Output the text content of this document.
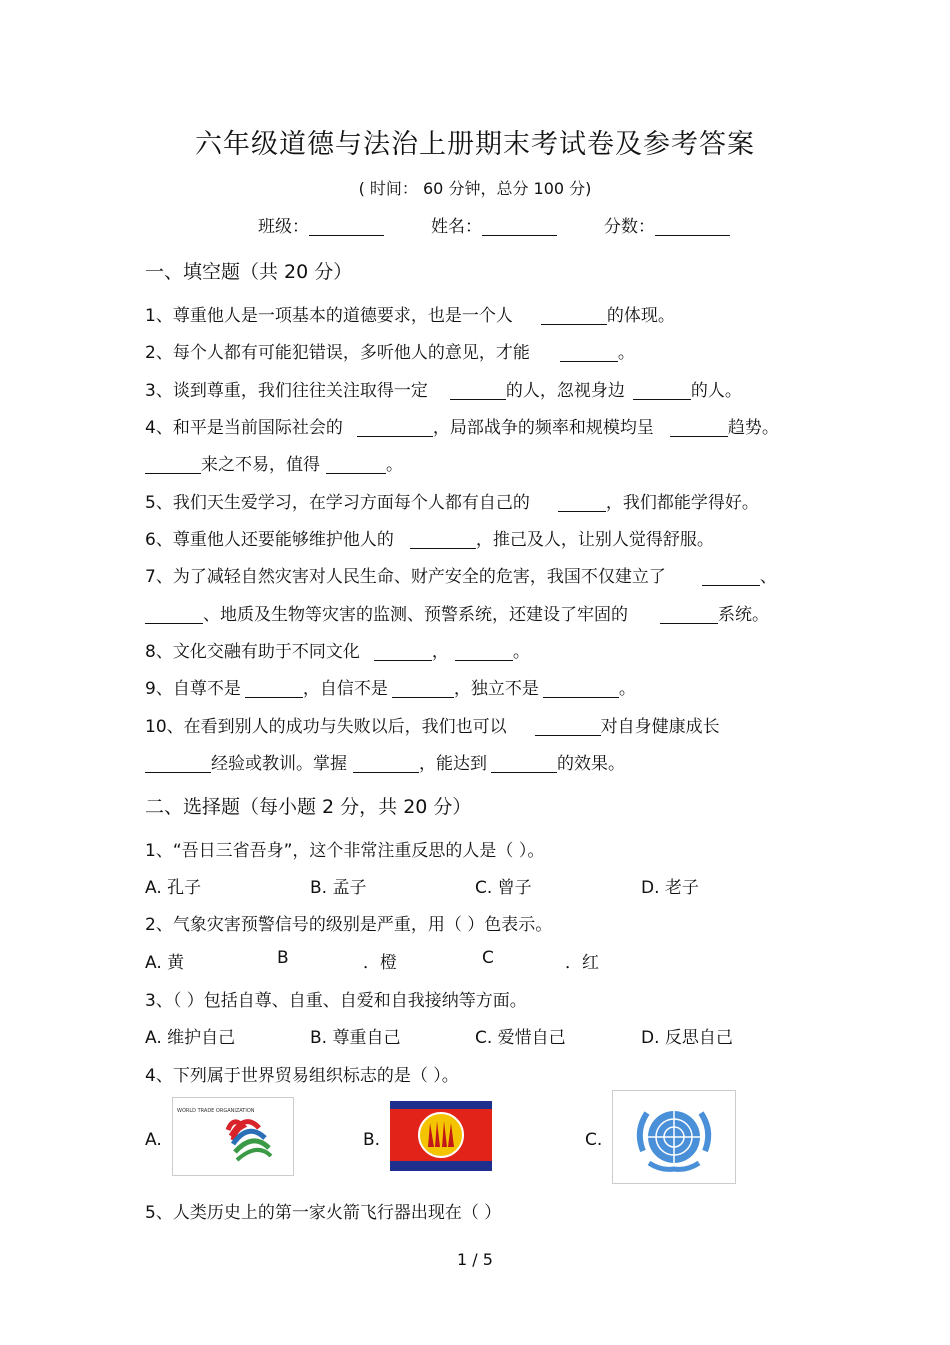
六年级道德与法治上册期末考试卷及参考答案
( 时间： 60 分钟，总分 100 分)
班级：	姓名：	分数：
一、填空题（共 20 分）
1、尊重他人是一项基本的道德要求，也是一个人	的体现。
2、每个人都有可能犯错误，多听他人的意见，才能	。
3、谈到尊重，我们往往关注取得一定	的人，忽视身边	的人。
4、和平是当前国际社会的	，局部战争的频率和规模均呈	趋势。
来之不易，值得	。
5、我们天生爱学习，在学习方面每个人都有自己的	，我们都能学得好。
6、尊重他人还要能够维护他人的	，推己及人，让别人觉得舒服。
7、为了减轻自然灾害对人民生命、财产安全的危害，我国不仅建立了	、
、地质及生物等灾害的监测、预警系统，还建设了牢固的	系统。
8、文化交融有助于不同文化	，	。
9、自尊不是	，自信不是	，独立不是	。
10、在看到别人的成功与失败以后，我们也可以	对自身健康成长
经验或教训。掌握	，能达到	的效果。
二、选择题（每小题 2 分，共 20 分）
1、“吾日三省吾身”，这个非常注重反思的人是（ ）。
A. 孔子	B. 孟子	C. 曾子	D. 老子
2、气象灾害预警信号的级别是严重，用（ ）色表示。
A. 黄	B	．橙	C	．红
3、（ ）包括自尊、自重、自爱和自我接纳等方面。
A. 维护自己	B. 尊重自己	C. 爱惜自己	D. 反思自己
4、下列属于世界贸易组织标志的是（ ）。
A.
WORLD TRADE ORGANIZATION
B.	C.
5、人类历史上的第一家火箭飞行器出现在（ ）
1 / 5
